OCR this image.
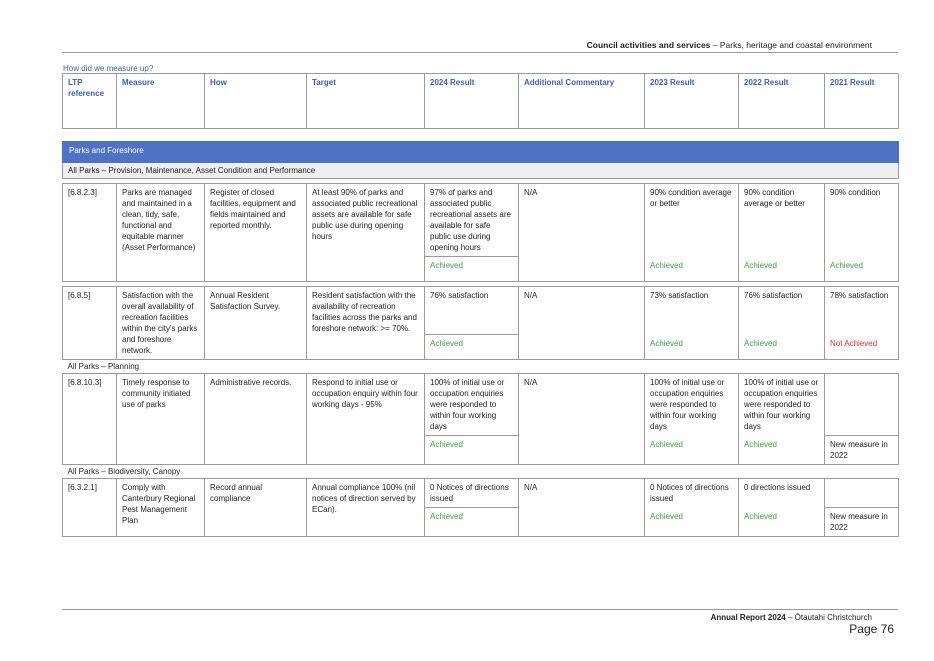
Council activities and services – Parks, heritage and coastal environment
How did we measure up?
LTP reference	Measure	How	Target	2024 Result	Additional Commentary	2023 Result	2022 Result	2021 Result

Parks and Foreshore								
All Parks – Provision, Maintenance, Asset Condition and Performance								

[6.8.2.3]	Parks are managed and maintained in a clean, tidy, safe, functional and equitable manner (Asset Performance)	Register of closed facilities, equipment and fields maintained and reported monthly.	At least 90% of parks and associated public recreational assets are available for safe public use during opening hours	97% of parks and associated public recreational assets are available for safe public use during opening hours	N/A	90% condition average or better	90% condition average or better	90% condition
				Achieved		Achieved	Achieved	Achieved

[6.8.5]	Satisfaction with the overall availability of recreation facilities within the city's parks and foreshore network.	Annual Resident Satisfaction Survey.	Resident satisfaction with the availability of recreation facilities across the parks and foreshore network: >= 70%.	76% satisfaction	N/A	73% satisfaction	76% satisfaction	78% satisfaction
				Achieved		Achieved	Achieved	Not Achieved
All Parks – Planning								
[6.8.10.3]	Timely response to community initiated use of parks	Administrative records.	Respond to initial use or occupation enquiry within four working days - 95%	100% of initial use or occupation enquiries were responded to within four working days	N/A	100% of initial use or occupation enquiries were responded to within four working days	100% of initial use or occupation enquiries were responded to within four working days	
				Achieved		Achieved	Achieved	New measure in 2022
All Parks – Biodiversity, Canopy								
[6.3.2.1]	Comply with Canterbury Regional Pest Management Plan	Record annual compliance	Annual compliance 100% (nil notices of direction served by ECan).	0 Notices of directions issued	N/A	0 Notices of directions issued	0 directions issued	
				Achieved		Achieved	Achieved	New measure in 2022
Annual Report 2024 – Ōtautahi Christchurch
Page 76
